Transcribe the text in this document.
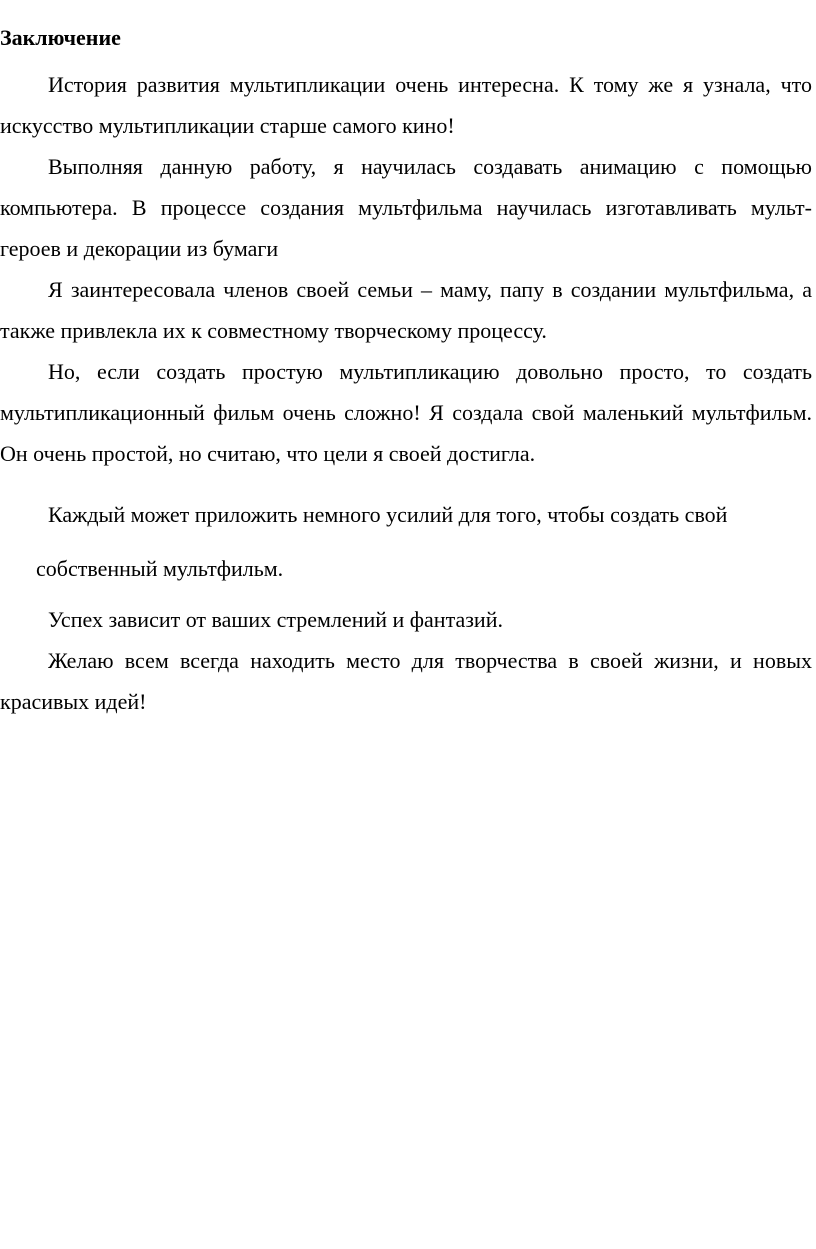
Заключение

История развития мультипликации очень интересна. К тому же я узнала, что искусство мультипликации старше самого кино!

Выполняя данную работу, я научилась создавать анимацию с помощью компьютера. В процессе создания мультфильма научилась изготавливать мульт-героев и декорации из бумаги

Я заинтересовала членов своей семьи – маму, папу в создании мультфильма, а также привлекла их к совместному творческому процессу.

Но, если создать простую мультипликацию довольно просто, то создать мультипликационный фильм очень сложно! Я создала свой маленький мультфильм. Он очень простой, но считаю, что цели я своей достигла.

Каждый может приложить немного усилий для того, чтобы создать свой
собственный мультфильм.

Успех зависит от ваших стремлений и фантазий.

Желаю всем всегда находить место для творчества в своей жизни, и новых красивых идей!
